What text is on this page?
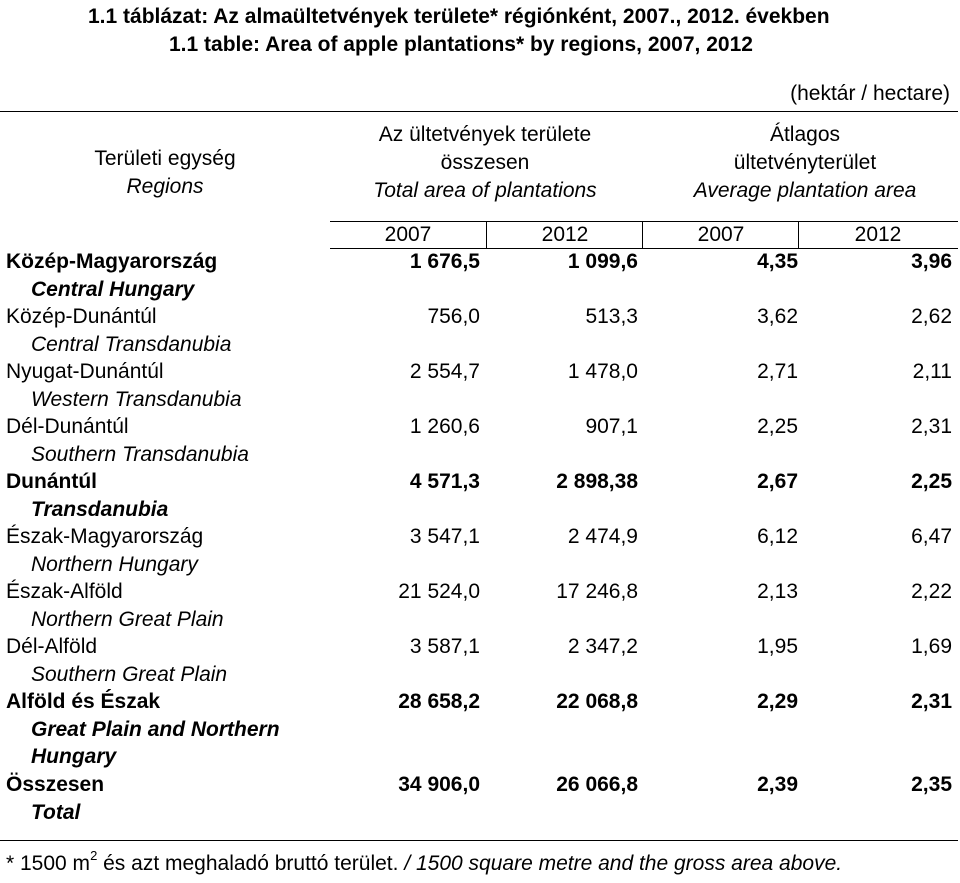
1.1 táblázat: Az almaültetvények területe* régiónként, 2007., 2012. években
1.1 table: Area of apple plantations* by regions, 2007, 2012
(hektár / hectare)
Területi egység
Regions
Az ültetvények területe
összesen
Total area of plantations
Átlagos
ültetvényterület
Average plantation area
2007	2012	2007	2012
Közép-Magyarország
Central Hungary
1 676,5	1 099,6	4,35	3,96
Közép-Dunántúl
Central Transdanubia
756,0	513,3	3,62	2,62
Nyugat-Dunántúl
Western Transdanubia
2 554,7	1 478,0	2,71	2,11
Dél-Dunántúl
Southern Transdanubia
1 260,6	907,1	2,25	2,31
Dunántúl
Transdanubia
4 571,3	2 898,38	2,67	2,25
Észak-Magyarország
Northern Hungary
3 547,1	2 474,9	6,12	6,47
Észak-Alföld
Northern Great Plain
21 524,0	17 246,8	2,13	2,22
Dél-Alföld
Southern Great Plain
3 587,1	2 347,2	1,95	1,69
Alföld és Észak
Great Plain and Northern Hungary
28 658,2	22 068,8	2,29	2,31
Összesen
Total
34 906,0	26 066,8	2,39	2,35
* 1500 $m^2$ és azt meghaladó bruttó terület. / 1500 square metre and the gross area above.
